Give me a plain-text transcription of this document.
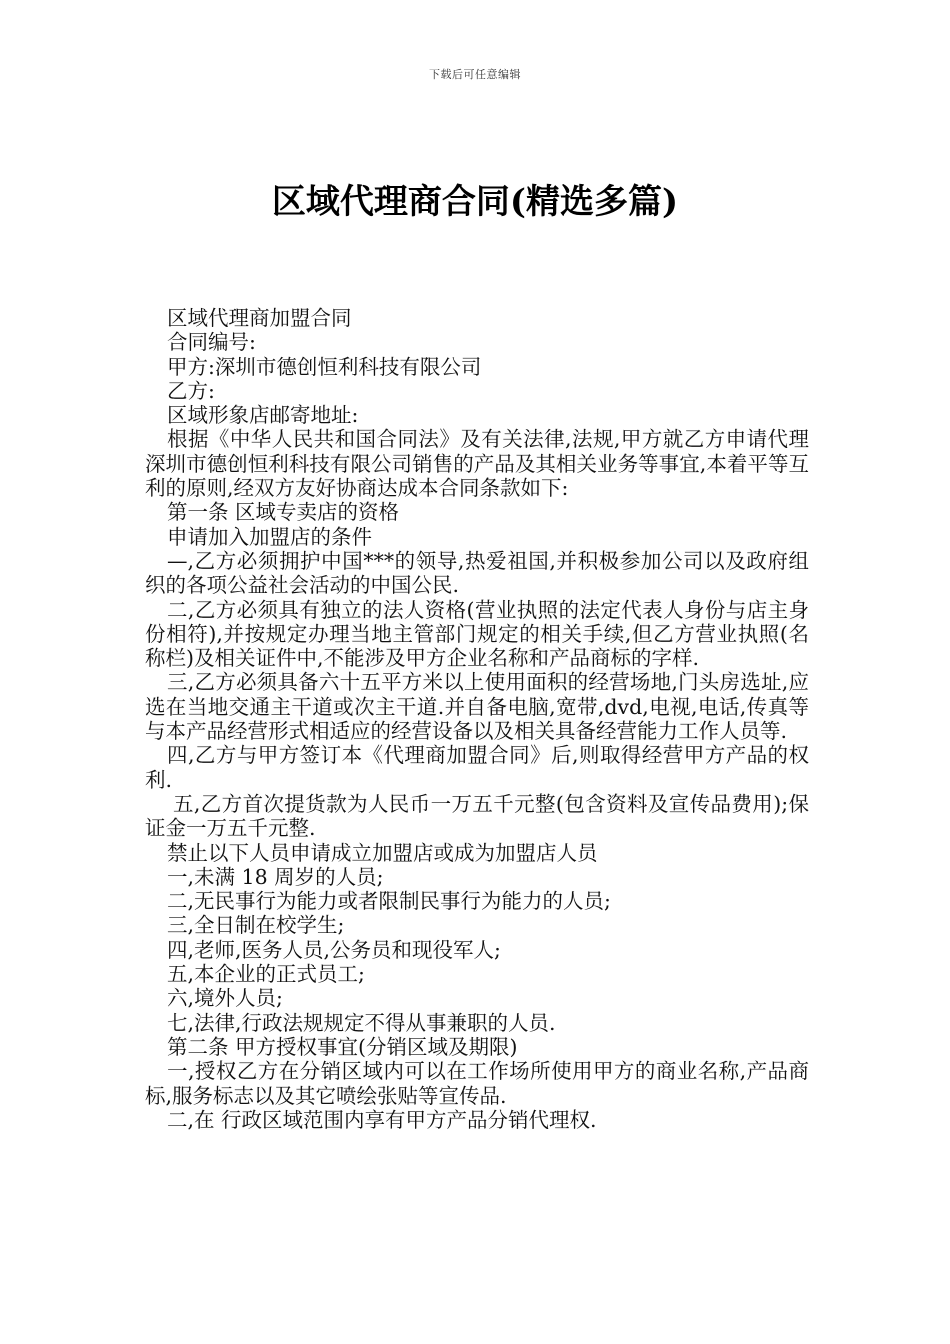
下载后可任意编辑
区域代理商合同(精选多篇)

区域代理商加盟合同

合同编号:

甲方:深圳市德创恒利科技有限公司

乙方:

区域形象店邮寄地址:

根据《中华人民共和国合同法》及有关法律,法规,甲方就乙方申请代理深圳市德创恒利科技有限公司销售的产品及其相关业务等事宜,本着平等互利的原则,经双方友好协商达成本合同条款如下:

第一条 区域专卖店的资格

申请加入加盟店的条件

—,乙方必须拥护中国***的领导,热爱祖国,并积极参加公司以及政府组织的各项公益社会活动的中国公民.

二,乙方必须具有独立的法人资格(营业执照的法定代表人身份与店主身份相符),并按规定办理当地主管部门规定的相关手续,但乙方营业执照(名称栏)及相关证件中,不能涉及甲方企业名称和产品商标的字样.

三,乙方必须具备六十五平方米以上使用面积的经营场地,门头房选址,应选在当地交通主干道或次主干道.并自备电脑,宽带,dvd,电视,电话,传真等与本产品经营形式相适应的经营设备以及相关具备经营能力工作人员等.

四,乙方与甲方签订本《代理商加盟合同》后,则取得经营甲方产品的权利.

五,乙方首次提货款为人民币一万五千元整(包含资料及宣传品费用);保证金一万五千元整.

禁止以下人员申请成立加盟店或成为加盟店人员

一,未满 18 周岁的人员;

二,无民事行为能力或者限制民事行为能力的人员;

三,全日制在校学生;

四,老师,医务人员,公务员和现役军人;

五,本企业的正式员工;

六,境外人员;

七,法律,行政法规规定不得从事兼职的人员.

第二条 甲方授权事宜(分销区域及期限)

一,授权乙方在分销区域内可以在工作场所使用甲方的商业名称,产品商标,服务标志以及其它喷绘张贴等宣传品.

二,在 行政区域范围内享有甲方产品分销代理权.
